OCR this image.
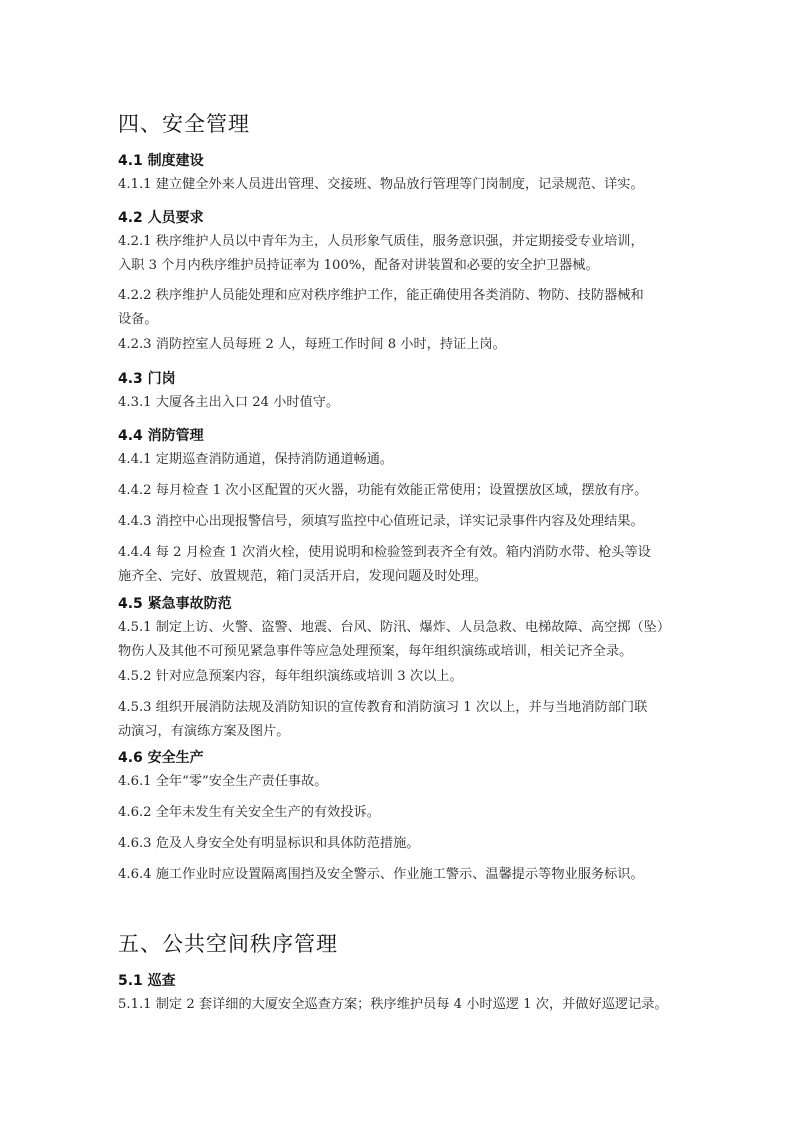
四、安全管理
4.1 制度建设

4.1.1 建立健全外来人员进出管理、交接班、物品放行管理等门岗制度，记录规范、详实。

4.2 人员要求

4.2.1 秩序维护人员以中青年为主，人员形象气质佳，服务意识强，并定期接受专业培训，
入职 3 个月内秩序维护员持证率为 100%，配备对讲装置和必要的安全护卫器械。

4.2.2 秩序维护人员能处理和应对秩序维护工作，能正确使用各类消防、物防、技防器械和
设备。

4.2.3 消防控室人员每班 2 人，每班工作时间 8 小时，持证上岗。

4.3 门岗

4.3.1 大厦各主出入口 24 小时值守。

4.4 消防管理

4.4.1 定期巡查消防通道，保持消防通道畅通。

4.4.2 每月检查 1 次小区配置的灭火器，功能有效能正常使用；设置摆放区域，摆放有序。

4.4.3 消控中心出现报警信号，须填写监控中心值班记录，详实记录事件内容及处理结果。

4.4.4 每 2 月检查 1 次消火栓，使用说明和检验签到表齐全有效。箱内消防水带、枪头等设
施齐全、完好、放置规范，箱门灵活开启，发现问题及时处理。

4.5 紧急事故防范

4.5.1 制定上访、火警、盗警、地震、台风、防汛、爆炸、人员急救、电梯故障、高空掷（坠）
物伤人及其他不可预见紧急事件等应急处理预案，每年组织演练或培训，相关记齐全录。

4.5.2 针对应急预案内容，每年组织演练或培训 3 次以上。

4.5.3 组织开展消防法规及消防知识的宣传教育和消防演习 1 次以上，并与当地消防部门联
动演习，有演练方案及图片。

4.6 安全生产

4.6.1 全年“零”安全生产责任事故。

4.6.2 全年未发生有关安全生产的有效投诉。

4.6.3 危及人身安全处有明显标识和具体防范措施。

4.6.4 施工作业时应设置隔离围挡及安全警示、作业施工警示、温馨提示等物业服务标识。

五、公共空间秩序管理
5.1 巡查

5.1.1 制定 2 套详细的大厦安全巡查方案；秩序维护员每 4 小时巡逻 1 次，并做好巡逻记录。
